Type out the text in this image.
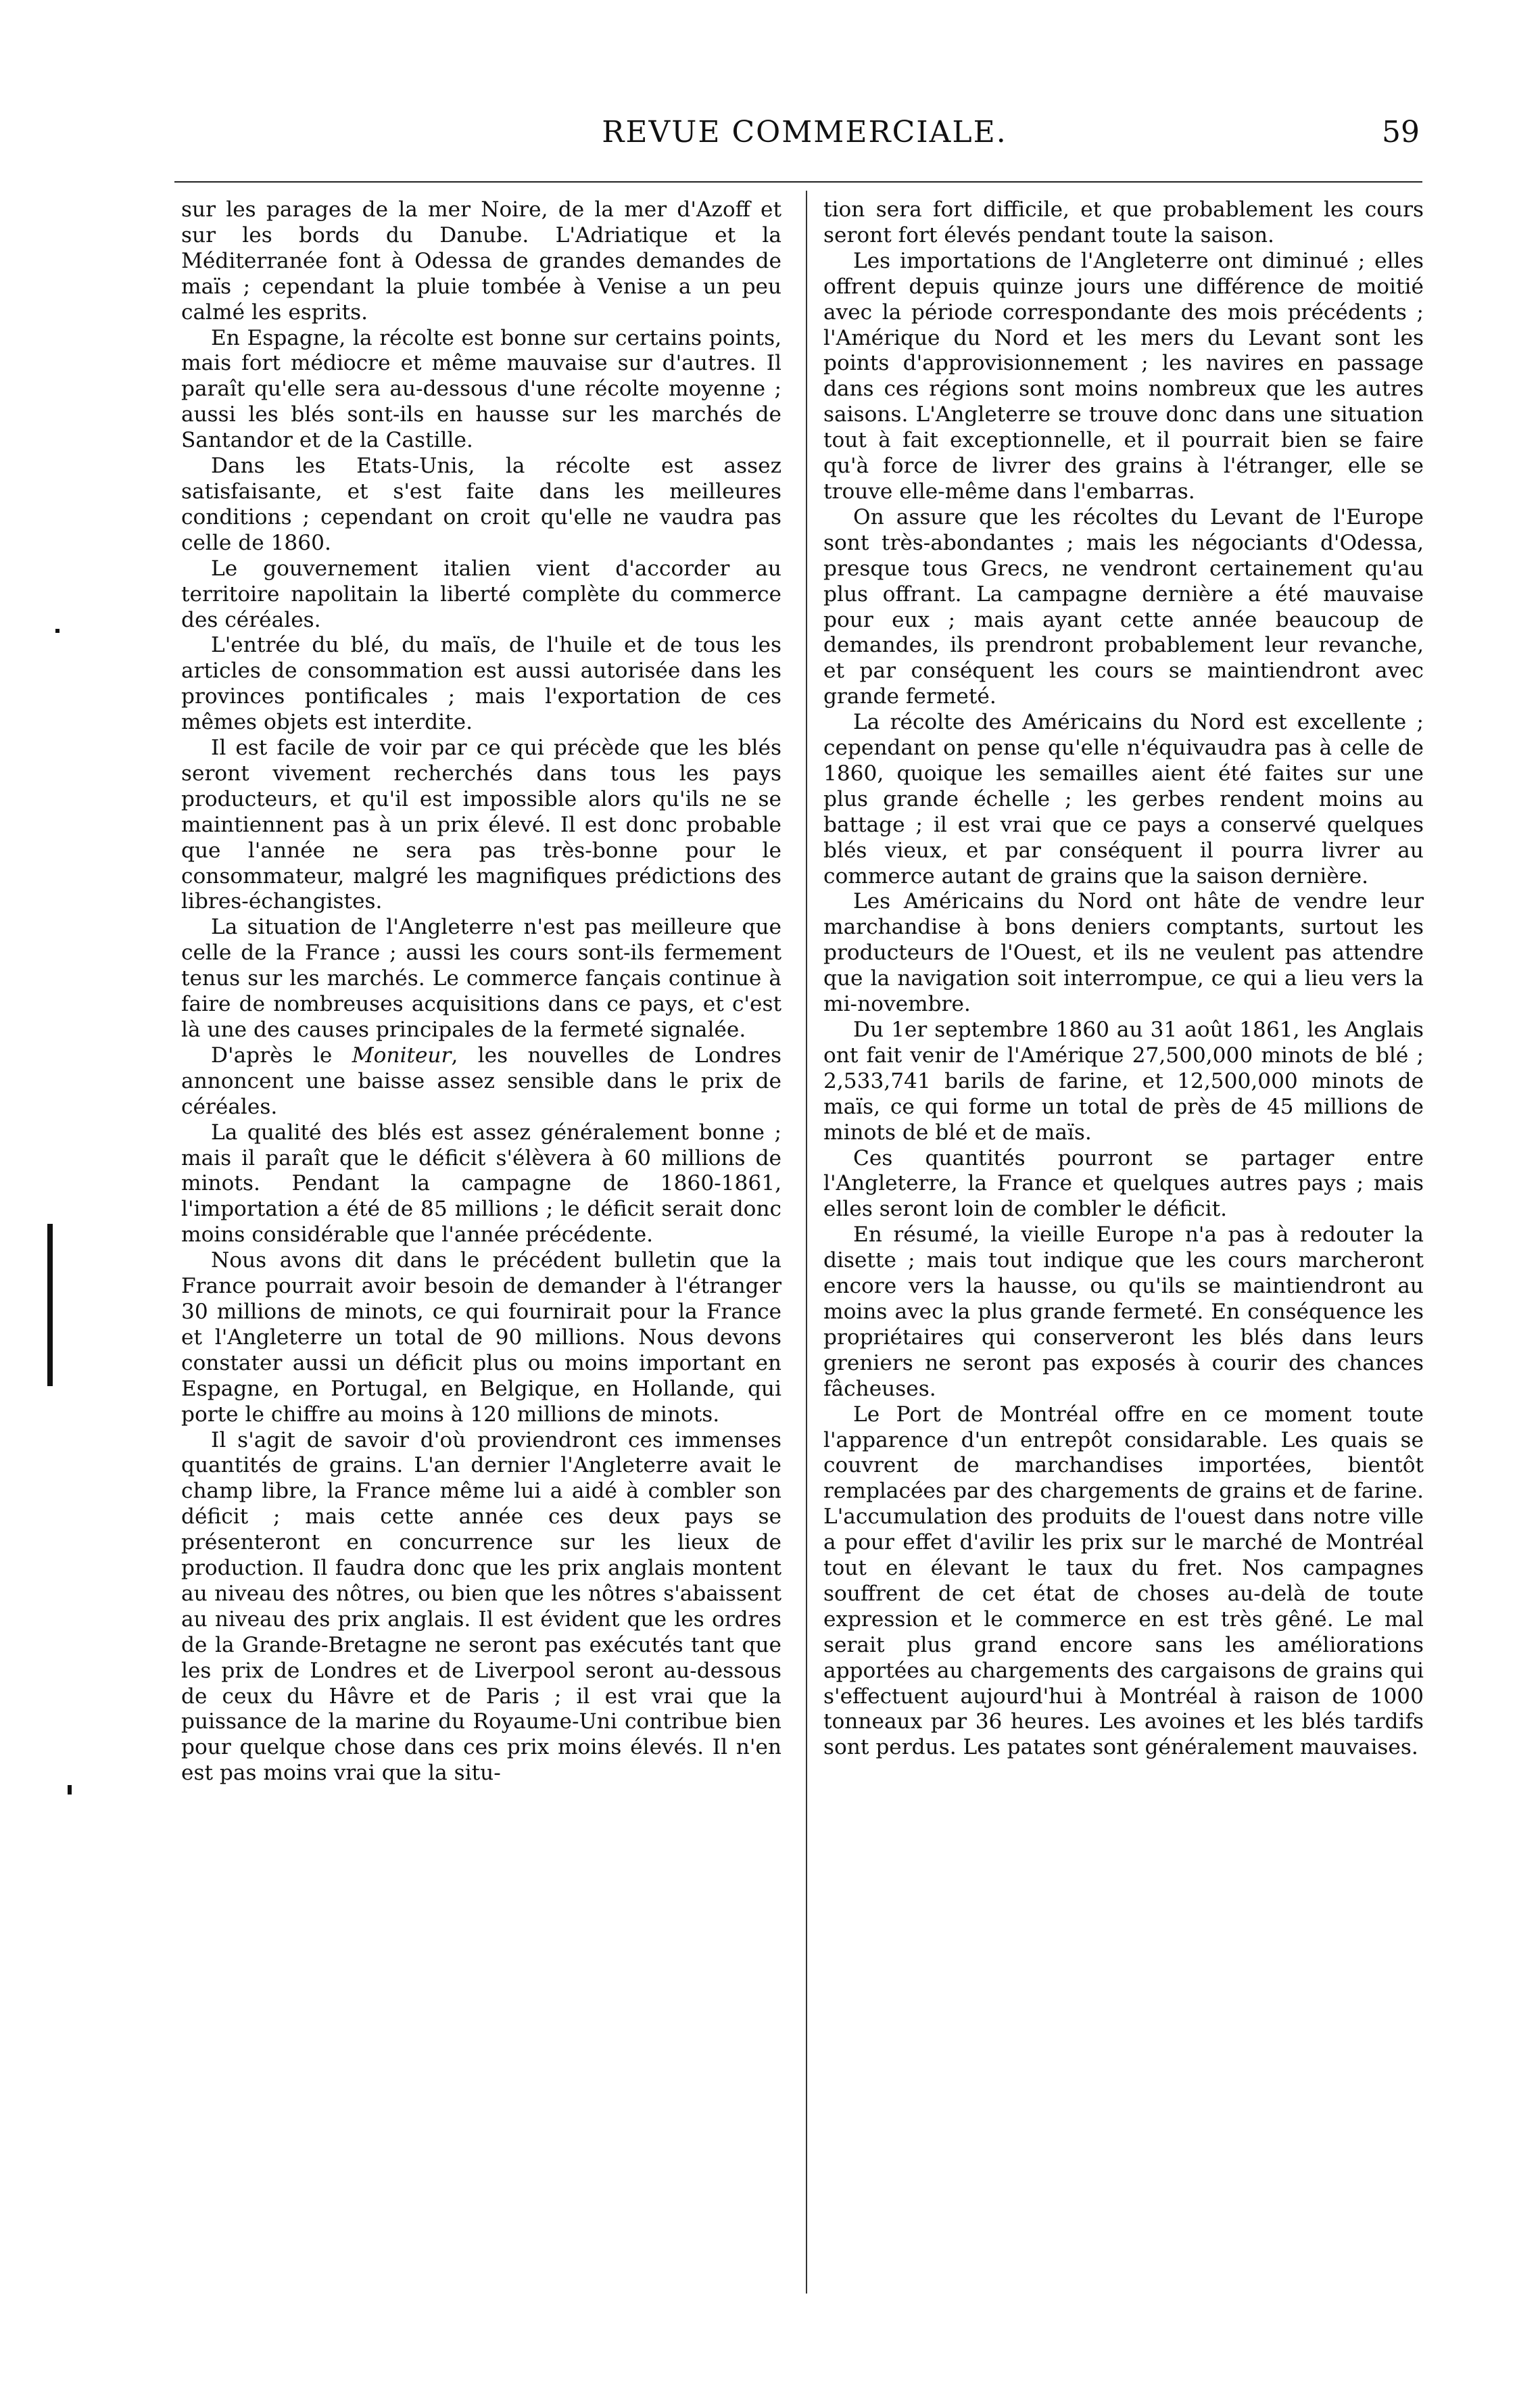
REVUE COMMERCIALE.	59

sur les parages de la mer Noire, de la mer d'Azoff et sur les bords du Danube. L'Adriatique et la Méditerranée font à Odessa de grandes demandes de maïs ; cependant la pluie tombée à Venise a un peu calmé les esprits.

En Espagne, la récolte est bonne sur certains points, mais fort médiocre et même mauvaise sur d'autres. Il paraît qu'elle sera au-dessous d'une récolte moyenne ; aussi les blés sont-ils en hausse sur les marchés de Santandor et de la Castille.

Dans les Etats-Unis, la récolte est assez satisfaisante, et s'est faite dans les meilleures conditions ; cependant on croit qu'elle ne vaudra pas celle de 1860.

Le gouvernement italien vient d'accorder au territoire napolitain la liberté complète du commerce des céréales.

L'entrée du blé, du maïs, de l'huile et de tous les articles de consommation est aussi autorisée dans les provinces pontificales ; mais l'exportation de ces mêmes objets est interdite.

Il est facile de voir par ce qui précède que les blés seront vivement recherchés dans tous les pays producteurs, et qu'il est impossible alors qu'ils ne se maintiennent pas à un prix élevé. Il est donc probable que l'année ne sera pas très-bonne pour le consommateur, malgré les magnifiques prédictions des libres-échangistes.

La situation de l'Angleterre n'est pas meilleure que celle de la France ; aussi les cours sont-ils fermement tenus sur les marchés. Le commerce fançais continue à faire de nombreuses acquisitions dans ce pays, et c'est là une des causes principales de la fermeté signalée.

D'après le Moniteur, les nouvelles de Londres annoncent une baisse assez sensible dans le prix de céréales.

La qualité des blés est assez généralement bonne ; mais il paraît que le déficit s'élèvera à 60 millions de minots. Pendant la campagne de 1860-1861, l'importation a été de 85 millions ; le déficit serait donc moins considérable que l'année précédente.

Nous avons dit dans le précédent bulletin que la France pourrait avoir besoin de demander à l'étranger 30 millions de minots, ce qui fournirait pour la France et l'Angleterre un total de 90 millions. Nous devons constater aussi un déficit plus ou moins important en Espagne, en Portugal, en Belgique, en Hollande, qui porte le chiffre au moins à 120 millions de minots.

Il s'agit de savoir d'où proviendront ces immenses quantités de grains. L'an dernier l'Angleterre avait le champ libre, la France même lui a aidé à combler son déficit ; mais cette année ces deux pays se présenteront en concurrence sur les lieux de production. Il faudra donc que les prix anglais montent au niveau des nôtres, ou bien que les nôtres s'abaissent au niveau des prix anglais. Il est évident que les ordres de la Grande-Bretagne ne seront pas exécutés tant que les prix de Londres et de Liverpool seront au-dessous de ceux du Hâvre et de Paris ; il est vrai que la puissance de la marine du Royaume-Uni contribue bien pour quelque chose dans ces prix moins élevés. Il n'en est pas moins vrai que la situ-

tion sera fort difficile, et que probablement les cours seront fort élevés pendant toute la saison.

Les importations de l'Angleterre ont diminué ; elles offrent depuis quinze jours une différence de moitié avec la période correspondante des mois précédents ; l'Amérique du Nord et les mers du Levant sont les points d'approvisionnement ; les navires en passage dans ces régions sont moins nombreux que les autres saisons. L'Angleterre se trouve donc dans une situation tout à fait exceptionnelle, et il pourrait bien se faire qu'à force de livrer des grains à l'étranger, elle se trouve elle-même dans l'embarras.

On assure que les récoltes du Levant de l'Europe sont très-abondantes ; mais les négociants d'Odessa, presque tous Grecs, ne vendront certainement qu'au plus offrant. La campagne dernière a été mauvaise pour eux ; mais ayant cette année beaucoup de demandes, ils prendront probablement leur revanche, et par conséquent les cours se maintiendront avec grande fermeté.

La récolte des Américains du Nord est excellente ; cependant on pense qu'elle n'équivaudra pas à celle de 1860, quoique les semailles aient été faites sur une plus grande échelle ; les gerbes rendent moins au battage ; il est vrai que ce pays a conservé quelques blés vieux, et par conséquent il pourra livrer au commerce autant de grains que la saison dernière.

Les Américains du Nord ont hâte de vendre leur marchandise à bons deniers comptants, surtout les producteurs de l'Ouest, et ils ne veulent pas attendre que la navigation soit interrompue, ce qui a lieu vers la mi-novembre.

Du 1er septembre 1860 au 31 août 1861, les Anglais ont fait venir de l'Amérique 27,500,000 minots de blé ; 2,533,741 barils de farine, et 12,500,000 minots de maïs, ce qui forme un total de près de 45 millions de minots de blé et de maïs.

Ces quantités pourront se partager entre l'Angleterre, la France et quelques autres pays ; mais elles seront loin de combler le déficit.

En résumé, la vieille Europe n'a pas à redouter la disette ; mais tout indique que les cours marcheront encore vers la hausse, ou qu'ils se maintiendront au moins avec la plus grande fermeté. En conséquence les propriétaires qui conserveront les blés dans leurs greniers ne seront pas exposés à courir des chances fâcheuses.

Le Port de Montréal offre en ce moment toute l'apparence d'un entrepôt considarable. Les quais se couvrent de marchandises importées, bientôt remplacées par des chargements de grains et de farine. L'accumulation des produits de l'ouest dans notre ville a pour effet d'avilir les prix sur le marché de Montréal tout en élevant le taux du fret. Nos campagnes souffrent de cet état de choses au-delà de toute expression et le commerce en est très gêné. Le mal serait plus grand encore sans les améliorations apportées au chargements des cargaisons de grains qui s'effectuent aujourd'hui à Montréal à raison de 1000 tonneaux par 36 heures. Les avoines et les blés tardifs sont perdus. Les patates sont généralement mauvaises.
